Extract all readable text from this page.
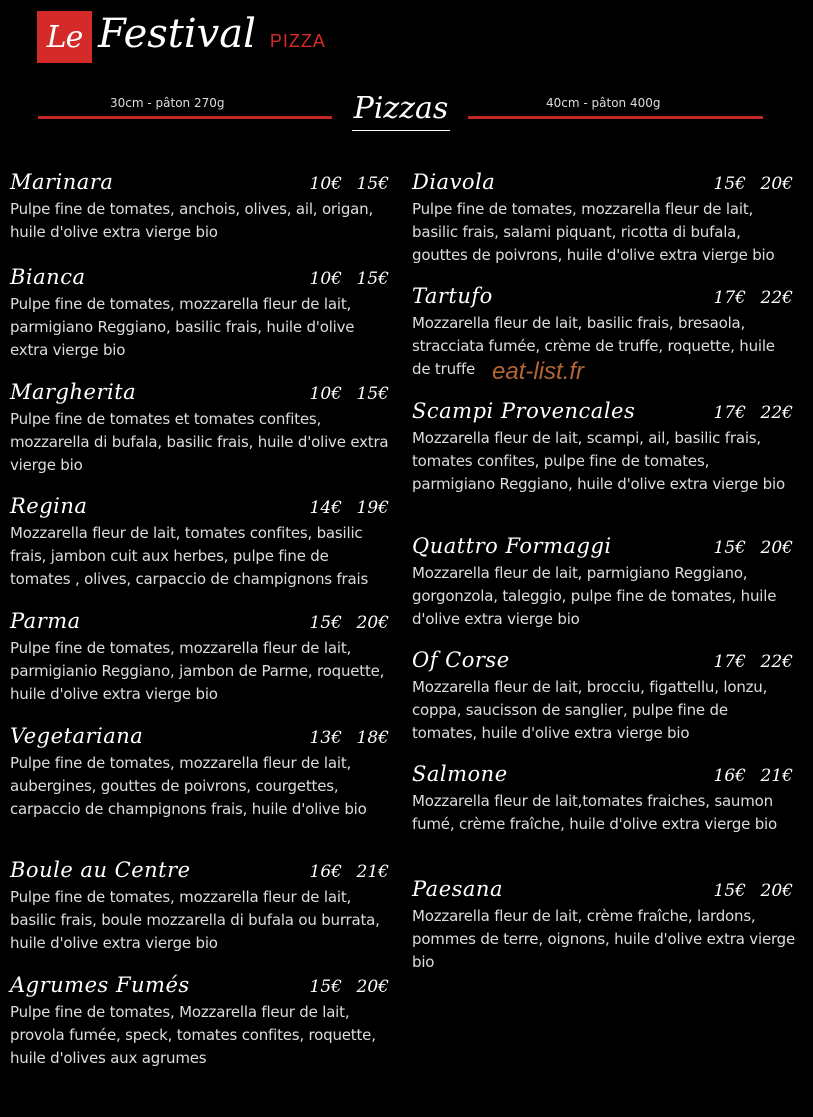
Le Festival PIZZA
30cm - pâton 270g	40cm - pâton 400g
Pizzas
Marinara	10€ 15€
Pulpe fine de tomates, anchois, olives, ail, origan, huile d'olive extra vierge bio
Bianca	10€ 15€
Pulpe fine de tomates, mozzarella fleur de lait, parmigiano Reggiano, basilic frais, huile d'olive extra vierge bio
Margherita	10€ 15€
Pulpe fine de tomates et tomates confites, mozzarella di bufala, basilic frais, huile d'olive extra vierge bio
Regina	14€ 19€
Mozzarella fleur de lait, tomates confites, basilic frais, jambon cuit aux herbes, pulpe fine de tomates , olives, carpaccio de champignons frais
Parma	15€ 20€
Pulpe fine de tomates, mozzarella fleur de lait, parmigianio Reggiano, jambon de Parme, roquette, huile d'olive extra vierge bio
Vegetariana	13€ 18€
Pulpe fine de tomates, mozzarella fleur de lait, aubergines, gouttes de poivrons, courgettes, carpaccio de champignons frais, huile d'olive bio
Boule au Centre	16€ 21€
Pulpe fine de tomates, mozzarella fleur de lait, basilic frais, boule mozzarella di bufala ou burrata, huile d'olive extra vierge bio
Agrumes Fumés	15€ 20€
Pulpe fine de tomates, Mozzarella fleur de lait, provola fumée, speck, tomates confites, roquette, huile d'olives aux agrumes
Diavola	15€ 20€
Pulpe fine de tomates, mozzarella fleur de lait, basilic frais, salami piquant, ricotta di bufala, gouttes de poivrons, huile d'olive extra vierge bio
Tartufo	17€ 22€
Mozzarella fleur de lait, basilic frais, bresaola, stracciata fumée, crème de truffe, roquette, huile de truffe
Scampi Provencales	17€ 22€
Mozzarella fleur de lait, scampi, ail, basilic frais, tomates confites, pulpe fine de tomates, parmigiano Reggiano, huile d'olive extra vierge bio
Quattro Formaggi	15€ 20€
Mozzarella fleur de lait, parmigiano Reggiano, gorgonzola, taleggio, pulpe fine de tomates, huile d'olive extra vierge bio
Of Corse	17€ 22€
Mozzarella fleur de lait, brocciu, figattellu, lonzu, coppa, saucisson de sanglier, pulpe fine de tomates, huile d'olive extra vierge bio
Salmone	16€ 21€
Mozzarella fleur de lait,tomates fraiches, saumon fumé, crème fraîche, huile d'olive extra vierge bio
Paesana	15€ 20€
Mozzarella fleur de lait, crème fraîche, lardons, pommes de terre, oignons, huile d'olive extra vierge bio
eat-list.fr
